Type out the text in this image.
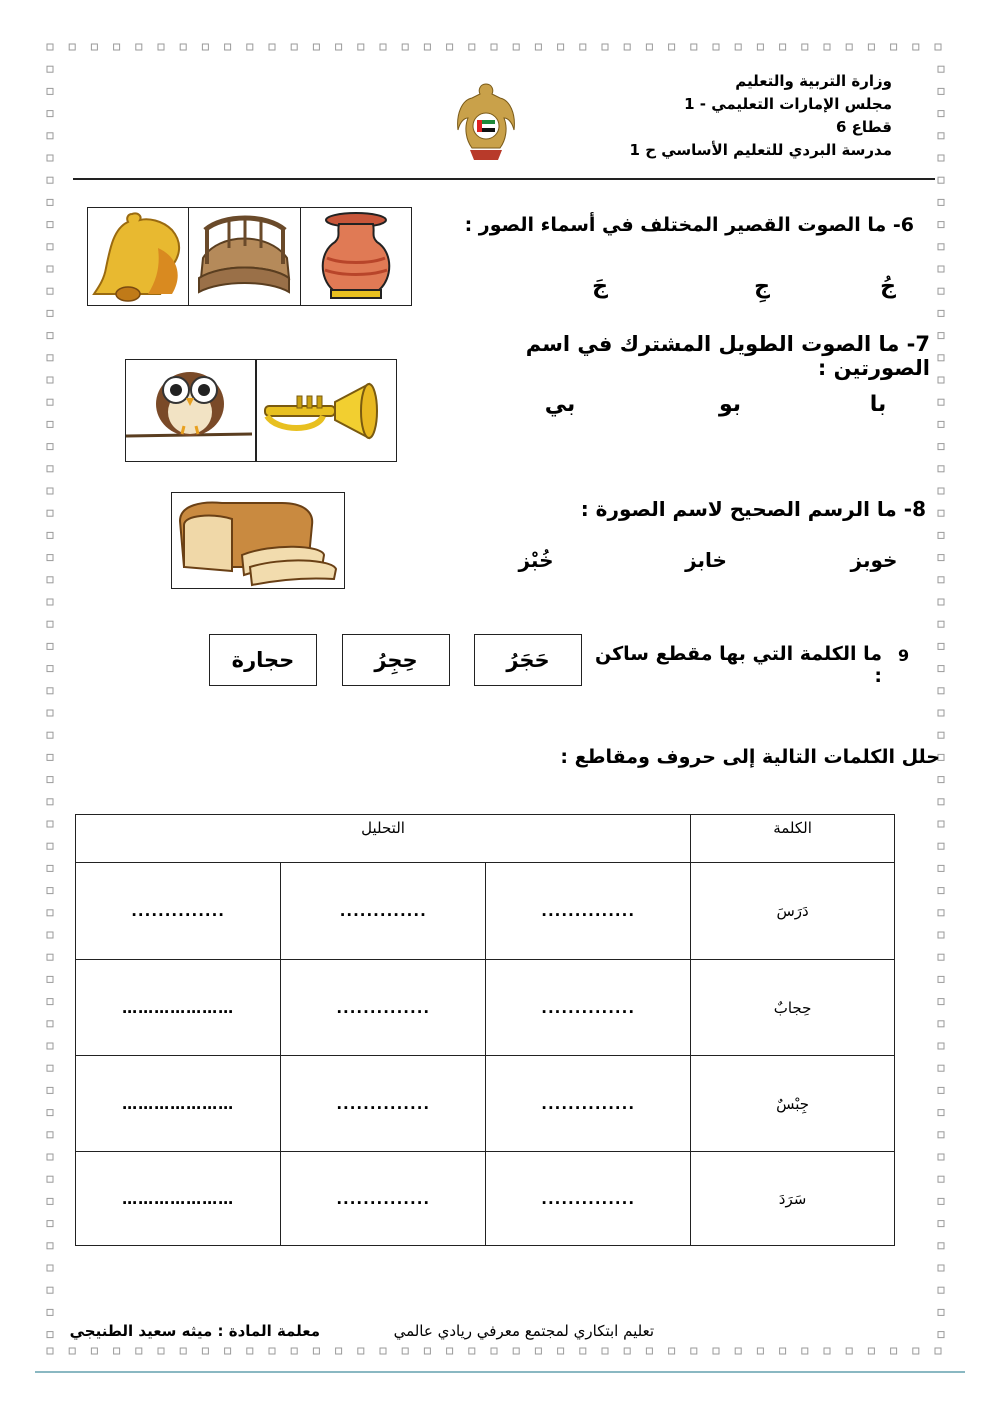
وزارة التربية والتعليم
مجلس الإمارات التعليمي - 1
قطاع 6
مدرسة البردي للتعليم الأساسي ح 1
6- ما الصوت القصير المختلف في أسماء الصور :
جُ
جِ
جَ
7- ما الصوت الطويل المشترك في اسم الصورتين :
با
بو
بي
8- ما الرسم الصحيح لاسم الصورة :
خوبز
خابز
خُبْز
9
ما الكلمة التي بها مقطع ساكن :
حَجَرُ
حِجِرُ
حجارة
حلل الكلمات التالية إلى حروف ومقاطع :
التحليل			الكلمة
..............	.............	..............	دَرَسَ
…………………	..............	..............	حِجابٌ
…………………	..............	..............	جِبْسٌ
…………………	..............	..............	سَرَدَ
تعليم ابتكاري لمجتمع معرفي ريادي عالمي
معلمة المادة : ميثه سعيد الطنيجي
